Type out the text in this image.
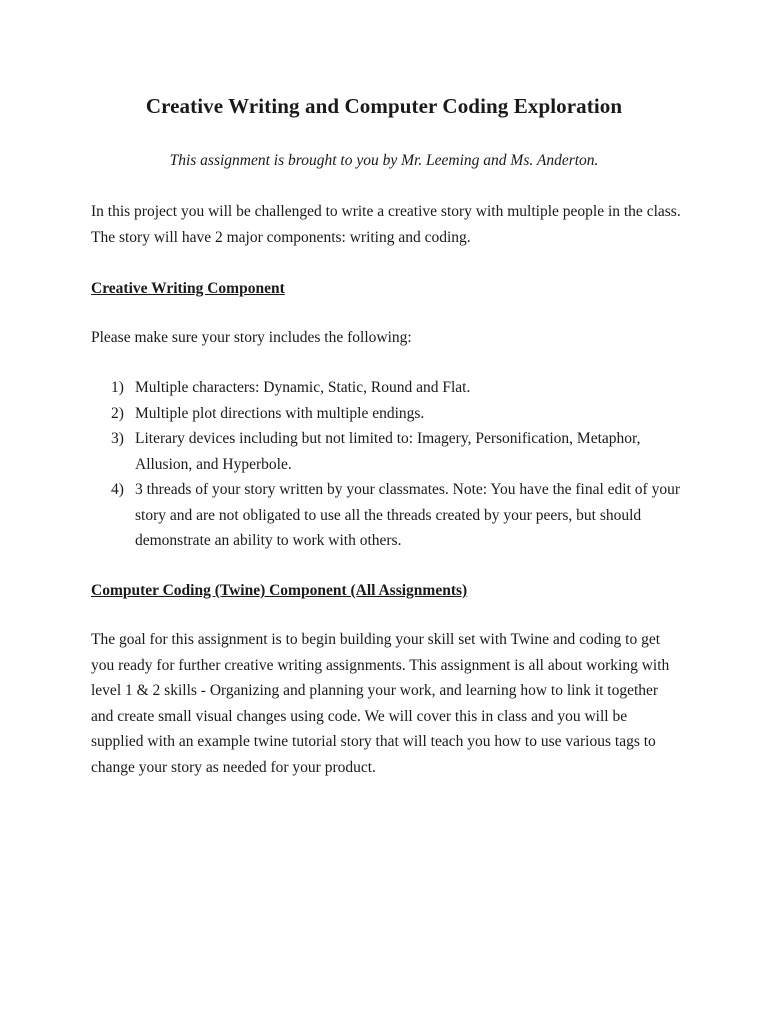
Creative Writing and Computer Coding Exploration

This assignment is brought to you by Mr. Leeming and Ms. Anderton.

In this project you will be challenged to write a creative story with multiple people in the class. The story will have 2 major components: writing and coding.

Creative Writing Component

Please make sure your story includes the following:

1) Multiple characters: Dynamic, Static, Round and Flat.
2) Multiple plot directions with multiple endings.
3) Literary devices including but not limited to: Imagery, Personification, Metaphor, Allusion, and Hyperbole.
4) 3 threads of your story written by your classmates. Note: You have the final edit of your story and are not obligated to use all the threads created by your peers, but should demonstrate an ability to work with others.
Computer Coding (Twine) Component (All Assignments)

The goal for this assignment is to begin building your skill set with Twine and coding to get you ready for further creative writing assignments. This assignment is all about working with level 1 & 2 skills - Organizing and planning your work, and learning how to link it together and create small visual changes using code. We will cover this in class and you will be supplied with an example twine tutorial story that will teach you how to use various tags to change your story as needed for your product.
